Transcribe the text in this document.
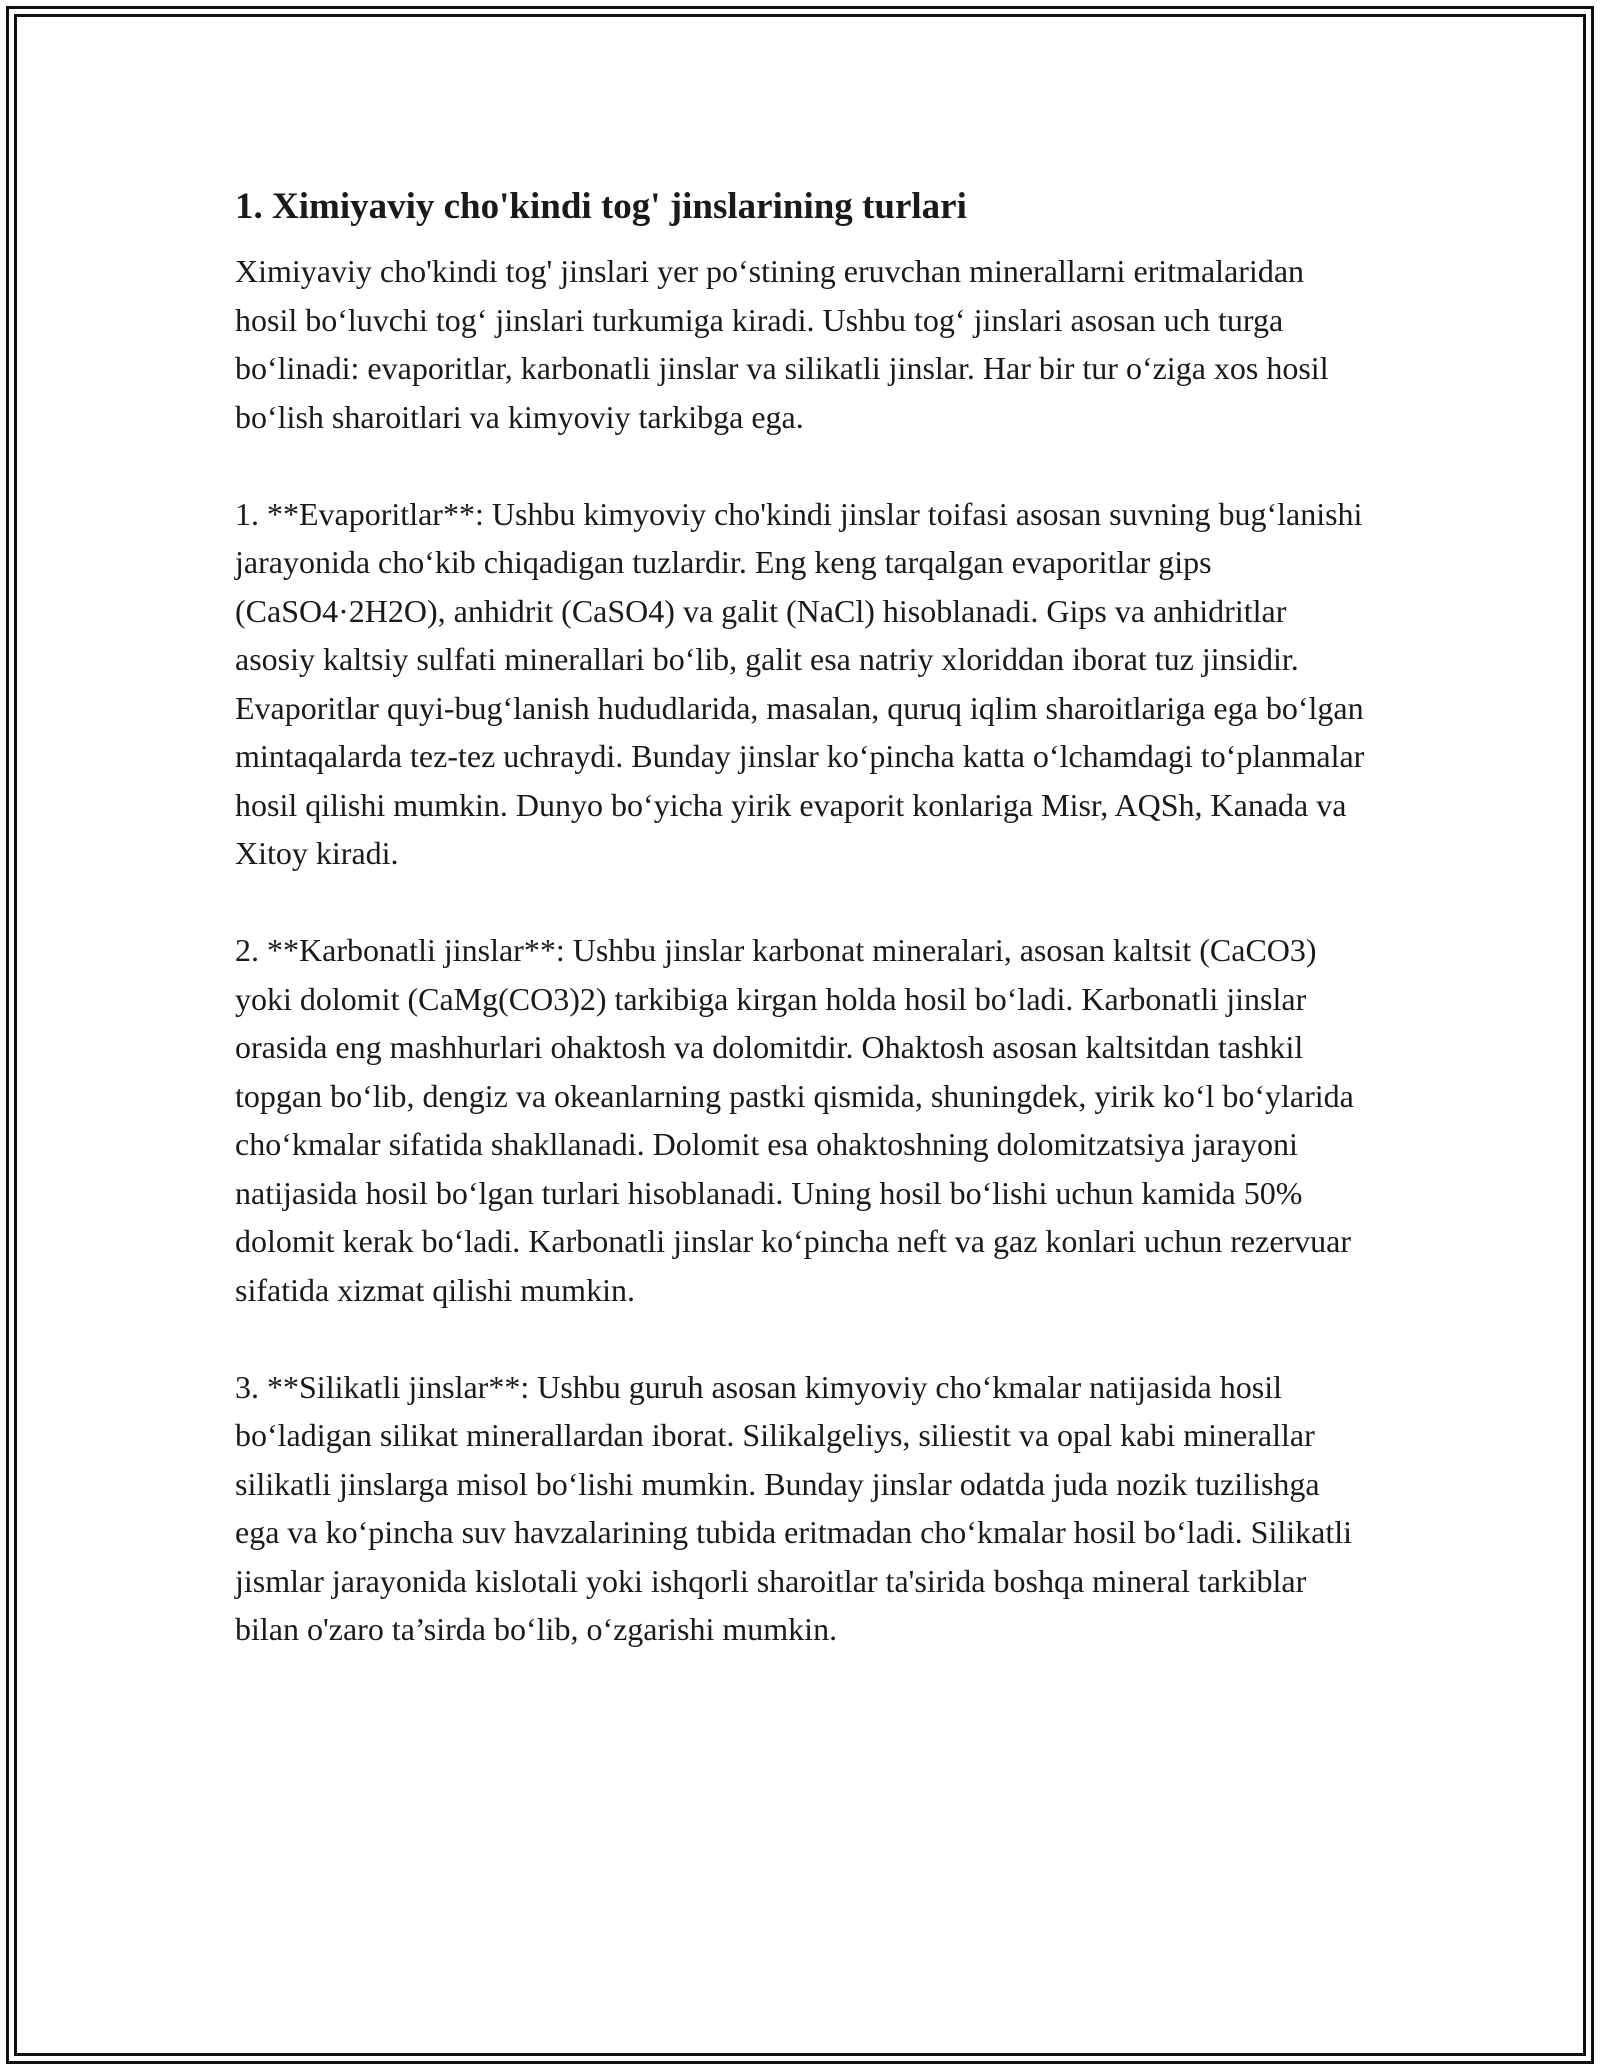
1. Ximiyaviy cho'kindi tog' jinslarining turlari

Ximiyaviy cho'kindi tog' jinslari yer po‘stining eruvchan minerallarni eritmalaridan hosil bo‘luvchi tog‘ jinslari turkumiga kiradi. Ushbu tog‘ jinslari asosan uch turga bo‘linadi: evaporitlar, karbonatli jinslar va silikatli jinslar. Har bir tur o‘ziga xos hosil bo‘lish sharoitlari va kimyoviy tarkibga ega.

1. **Evaporitlar**: Ushbu kimyoviy cho'kindi jinslar toifasi asosan suvning bug‘lanishi jarayonida cho‘kib chiqadigan tuzlardir. Eng keng tarqalgan evaporitlar gips (CaSO4·2H2O), anhidrit (CaSO4) va galit (NaCl) hisoblanadi. Gips va anhidritlar asosiy kaltsiy sulfati minerallari bo‘lib, galit esa natriy xloriddan iborat tuz jinsidir. Evaporitlar quyi-bug‘lanish hududlarida, masalan, quruq iqlim sharoitlariga ega bo‘lgan mintaqalarda tez-tez uchraydi. Bunday jinslar ko‘pincha katta o‘lchamdagi to‘planmalar hosil qilishi mumkin. Dunyo bo‘yicha yirik evaporit konlariga Misr, AQSh, Kanada va Xitoy kiradi.

2. **Karbonatli jinslar**: Ushbu jinslar karbonat mineralari, asosan kaltsit (CaCO3) yoki dolomit (CaMg(CO3)2) tarkibiga kirgan holda hosil bo‘ladi. Karbonatli jinslar orasida eng mashhurlari ohaktosh va dolomitdir. Ohaktosh asosan kaltsitdan tashkil topgan bo‘lib, dengiz va okeanlarning pastki qismida, shuningdek, yirik ko‘l bo‘ylarida cho‘kmalar sifatida shakllanadi. Dolomit esa ohaktoshning dolomitzatsiya jarayoni natijasida hosil bo‘lgan turlari hisoblanadi. Uning hosil bo‘lishi uchun kamida 50% dolomit kerak bo‘ladi. Karbonatli jinslar ko‘pincha neft va gaz konlari uchun rezervuar sifatida xizmat qilishi mumkin.

3. **Silikatli jinslar**: Ushbu guruh asosan kimyoviy cho‘kmalar natijasida hosil bo‘ladigan silikat minerallardan iborat. Silikalgeliys, siliestit va opal kabi minerallar silikatli jinslarga misol bo‘lishi mumkin. Bunday jinslar odatda juda nozik tuzilishga ega va ko‘pincha suv havzalarining tubida eritmadan cho‘kmalar hosil bo‘ladi. Silikatli jismlar jarayonida kislotali yoki ishqorli sharoitlar ta'sirida boshqa mineral tarkiblar bilan o'zaro ta’sirda bo‘lib, o‘zgarishi mumkin.
